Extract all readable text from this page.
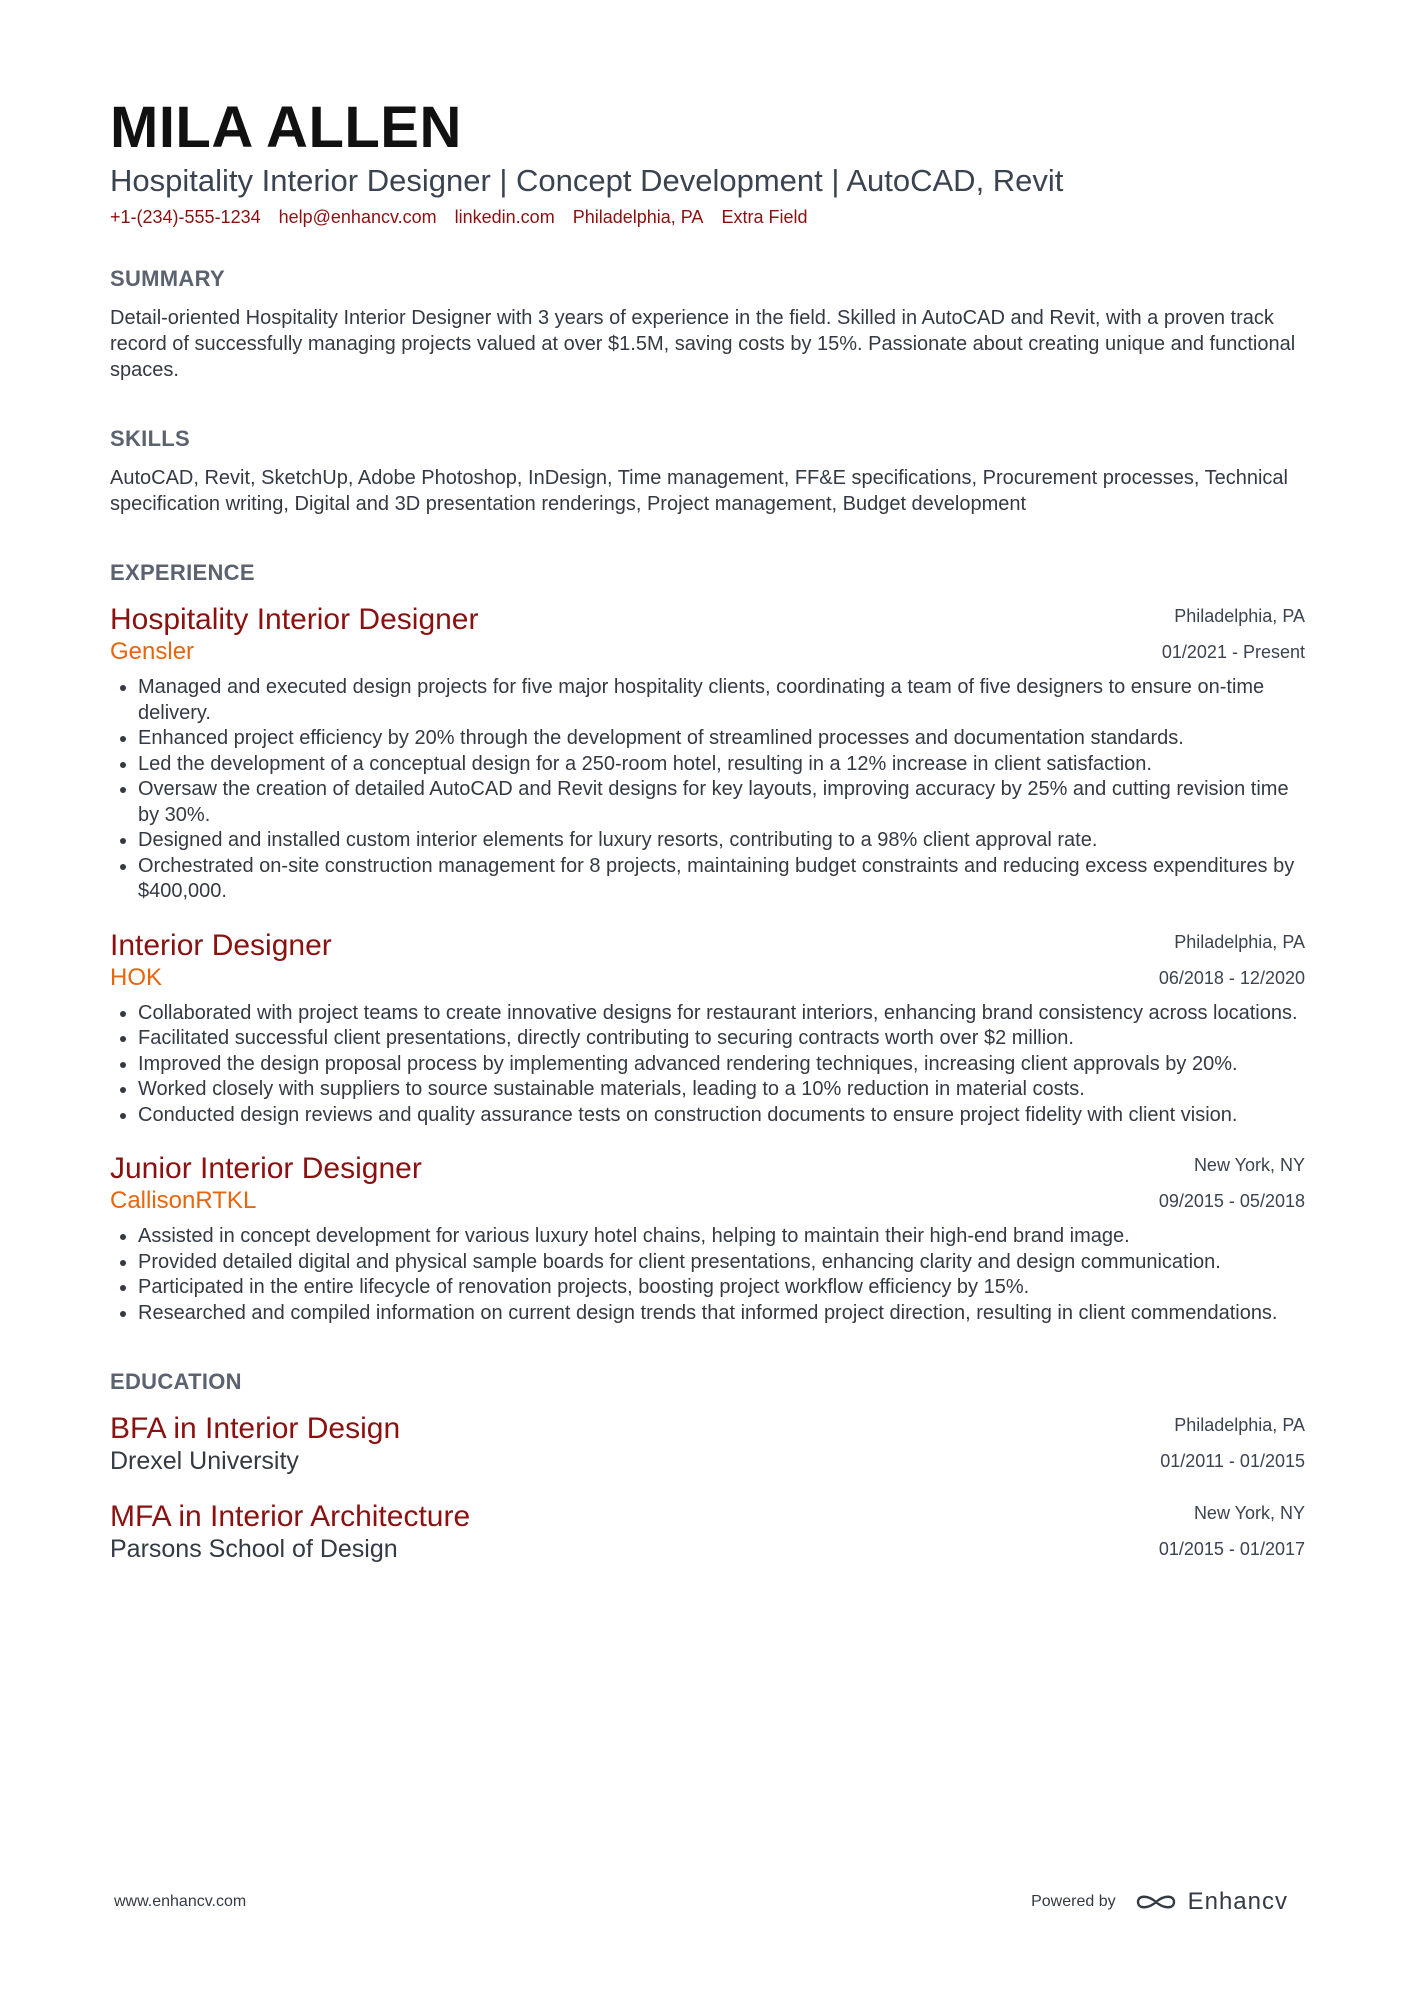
MILA ALLEN
Hospitality Interior Designer | Concept Development | AutoCAD, Revit
+1-(234)-555-1234 help@enhancv.com linkedin.com Philadelphia, PA Extra Field
SUMMARY
Detail-oriented Hospitality Interior Designer with 3 years of experience in the field. Skilled in AutoCAD and Revit, with a proven track record of successfully managing projects valued at over $1.5M, saving costs by 15%. Passionate about creating unique and functional spaces.
SKILLS
AutoCAD, Revit, SketchUp, Adobe Photoshop, InDesign, Time management, FF&E specifications, Procurement processes, Technical specification writing, Digital and 3D presentation renderings, Project management, Budget development
EXPERIENCE
Hospitality Interior Designer
Gensler
Philadelphia, PA
01/2021 - Present
• Managed and executed design projects for five major hospitality clients, coordinating a team of five designers to ensure on-time delivery.
• Enhanced project efficiency by 20% through the development of streamlined processes and documentation standards.
• Led the development of a conceptual design for a 250-room hotel, resulting in a 12% increase in client satisfaction.
• Oversaw the creation of detailed AutoCAD and Revit designs for key layouts, improving accuracy by 25% and cutting revision time by 30%.
• Designed and installed custom interior elements for luxury resorts, contributing to a 98% client approval rate.
• Orchestrated on-site construction management for 8 projects, maintaining budget constraints and reducing excess expenditures by $400,000.
Interior Designer
HOK
Philadelphia, PA
06/2018 - 12/2020
• Collaborated with project teams to create innovative designs for restaurant interiors, enhancing brand consistency across locations.
• Facilitated successful client presentations, directly contributing to securing contracts worth over $2 million.
• Improved the design proposal process by implementing advanced rendering techniques, increasing client approvals by 20%.
• Worked closely with suppliers to source sustainable materials, leading to a 10% reduction in material costs.
• Conducted design reviews and quality assurance tests on construction documents to ensure project fidelity with client vision.
Junior Interior Designer
CallisonRTKL
New York, NY
09/2015 - 05/2018
• Assisted in concept development for various luxury hotel chains, helping to maintain their high-end brand image.
• Provided detailed digital and physical sample boards for client presentations, enhancing clarity and design communication.
• Participated in the entire lifecycle of renovation projects, boosting project workflow efficiency by 15%.
• Researched and compiled information on current design trends that informed project direction, resulting in client commendations.
EDUCATION
BFA in Interior Design
Drexel University
Philadelphia, PA
01/2011 - 01/2015
MFA in Interior Architecture
Parsons School of Design
New York, NY
01/2015 - 01/2017
www.enhancv.com	Powered by	Enhancv
